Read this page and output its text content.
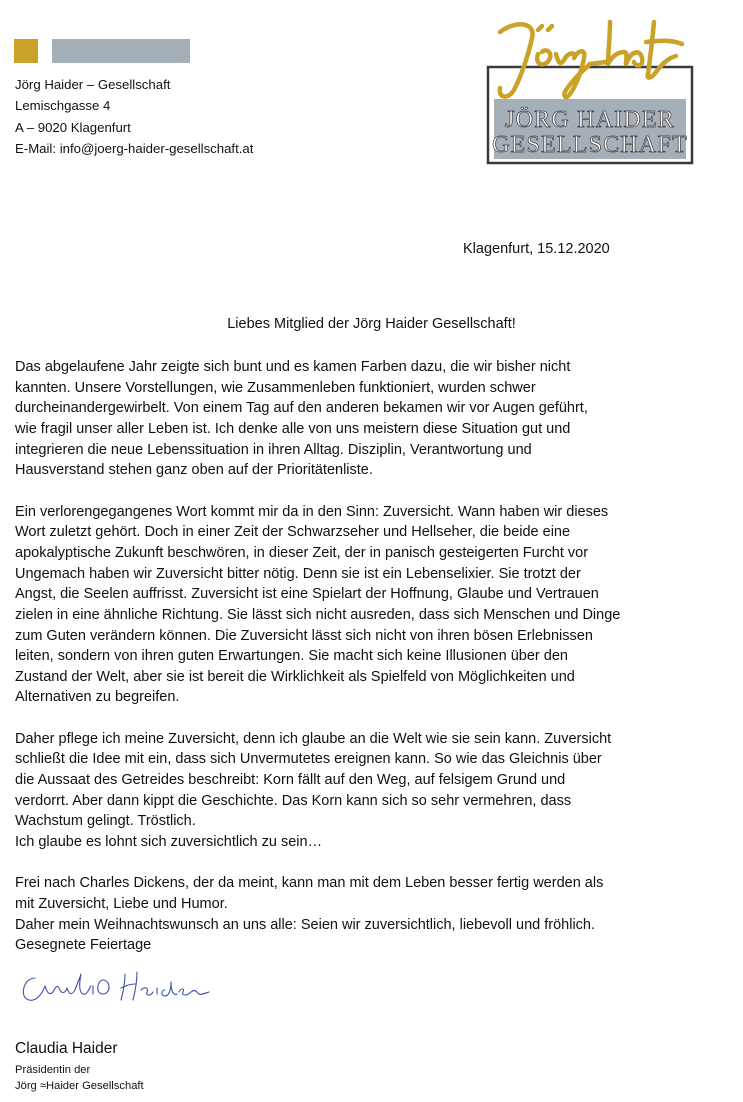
Jörg Haider – Gesellschaft
Lemischgasse 4
A – 9020 Klagenfurt
E-Mail: info@joerg-haider-gesellschaft.at
JÖRG HAIDER
GESELLSCHAFT
Klagenfurt, 15.12.2020
Liebes Mitglied der Jörg Haider Gesellschaft!

Das abgelaufene Jahr zeigte sich bunt und es kamen Farben dazu, die wir bisher nicht
kannten. Unsere Vorstellungen, wie Zusammenleben funktioniert, wurden schwer
durcheinandergewirbelt. Von einem Tag auf den anderen bekamen wir vor Augen geführt,
wie fragil unser aller Leben ist. Ich denke alle von uns meistern diese Situation gut und
integrieren die neue Lebenssituation in ihren Alltag. Disziplin, Verantwortung und
Hausverstand stehen ganz oben auf der Prioritätenliste.

Ein verlorengegangenes Wort kommt mir da in den Sinn: Zuversicht. Wann haben wir dieses
Wort zuletzt gehört. Doch in einer Zeit der Schwarzseher und Hellseher, die beide eine
apokalyptische Zukunft beschwören, in dieser Zeit, der in panisch gesteigerten Furcht vor
Ungemach haben wir Zuversicht bitter nötig. Denn sie ist ein Lebenselixier. Sie trotzt der
Angst, die Seelen auffrisst. Zuversicht ist eine Spielart der Hoffnung, Glaube und Vertrauen
zielen in eine ähnliche Richtung. Sie lässt sich nicht ausreden, dass sich Menschen und Dinge
zum Guten verändern können. Die Zuversicht lässt sich nicht von ihren bösen Erlebnissen
leiten, sondern von ihren guten Erwartungen. Sie macht sich keine Illusionen über den
Zustand der Welt, aber sie ist bereit die Wirklichkeit als Spielfeld von Möglichkeiten und
Alternativen zu begreifen.

Daher pflege ich meine Zuversicht, denn ich glaube an die Welt wie sie sein kann. Zuversicht
schließt die Idee mit ein, dass sich Unvermutetes ereignen kann. So wie das Gleichnis über
die Aussaat des Getreides beschreibt: Korn fällt auf den Weg, auf felsigem Grund und
verdorrt. Aber dann kippt die Geschichte. Das Korn kann sich so sehr vermehren, dass
Wachstum gelingt. Tröstlich.
Ich glaube es lohnt sich zuversichtlich zu sein…

Frei nach Charles Dickens, der da meint, kann man mit dem Leben besser fertig werden als
mit Zuversicht, Liebe und Humor.
Daher mein Weihnachtswunsch an uns alle: Seien wir zuversichtlich, liebevoll und fröhlich.
Gesegnete Feiertage

Claudia Haider
Präsidentin der
Jörg ≈Haider Gesellschaft
